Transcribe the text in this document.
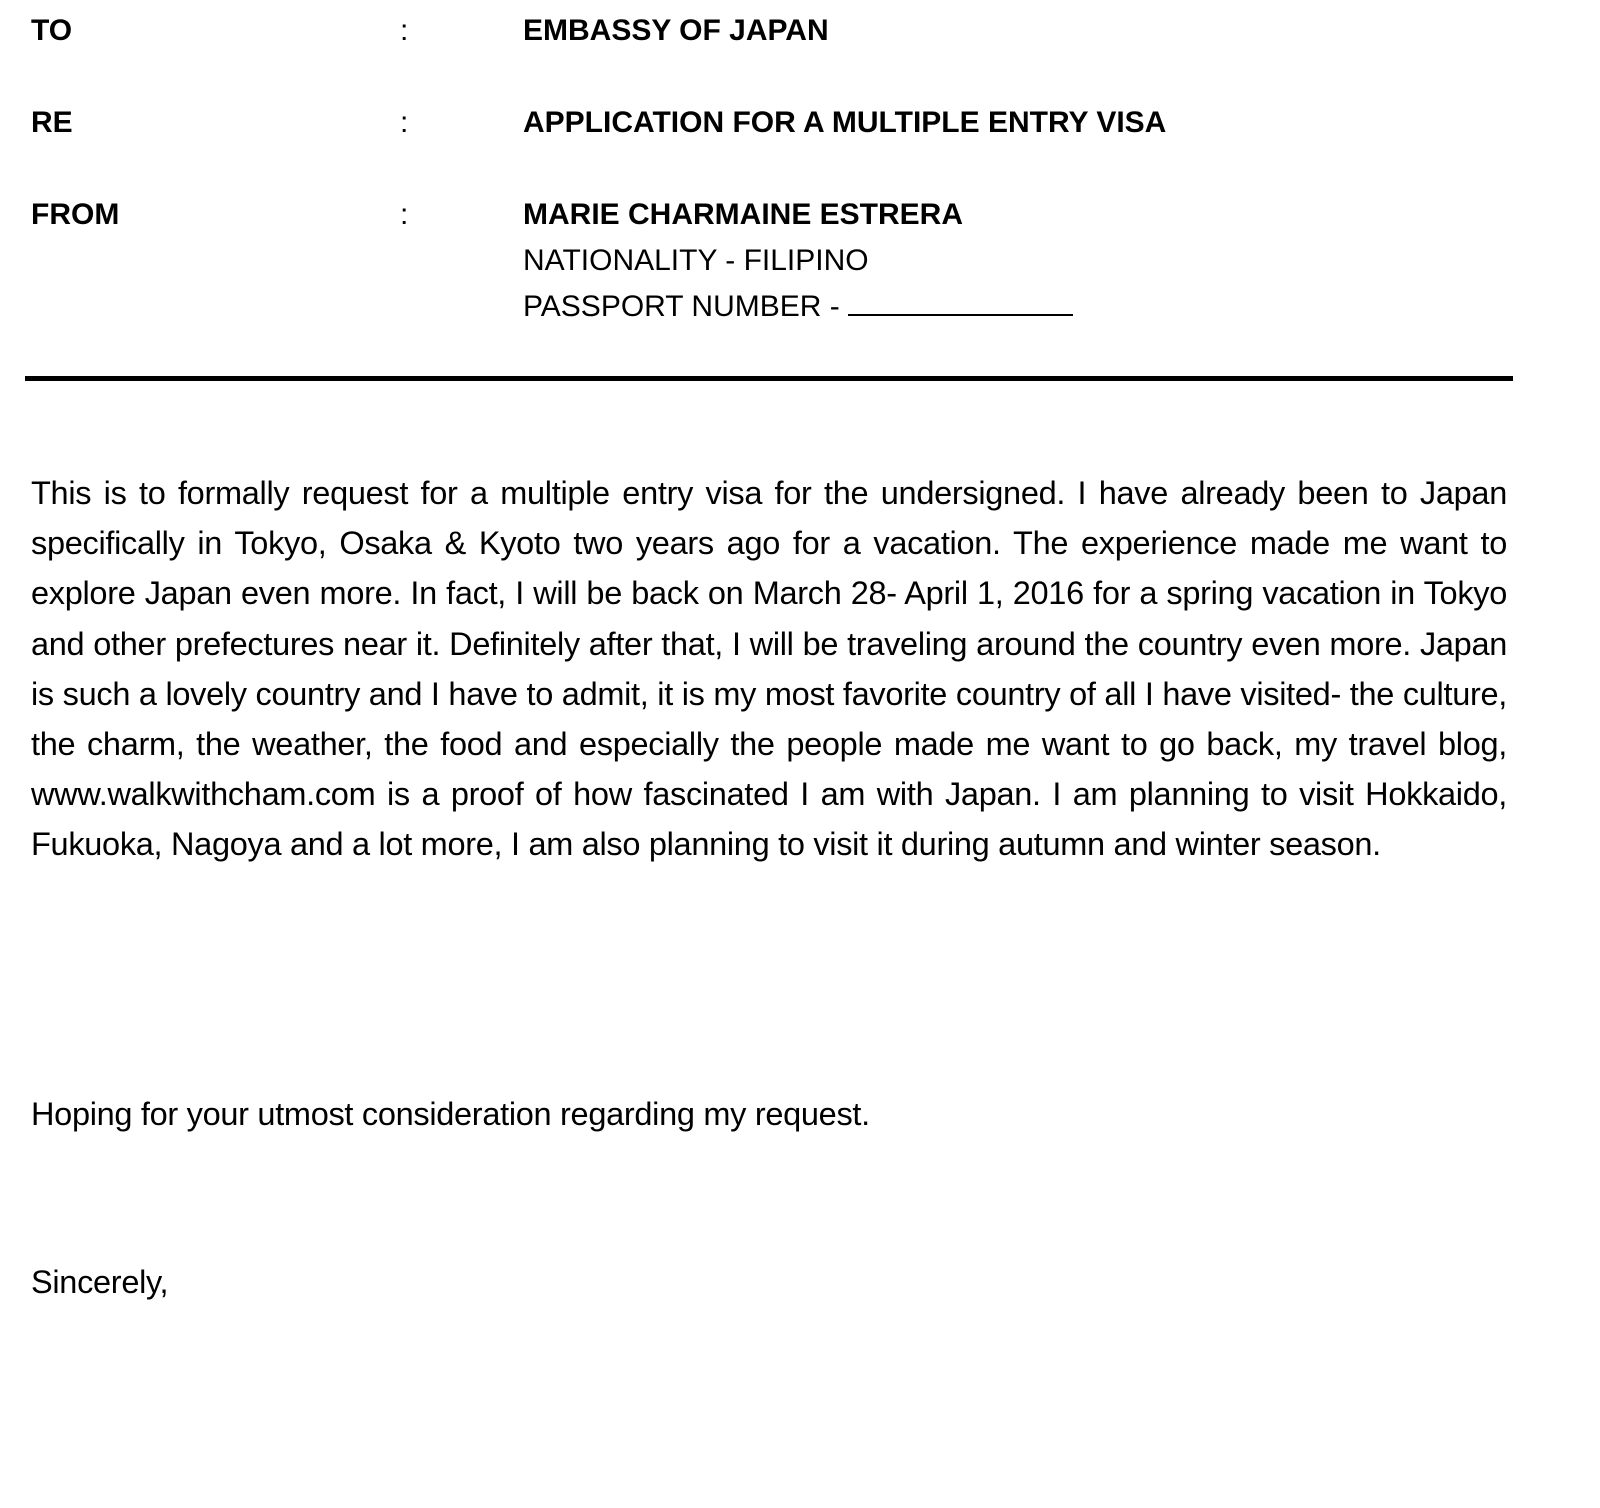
TO	:	EMBASSY OF JAPAN
RE	:	APPLICATION FOR A MULTIPLE ENTRY VISA
FROM	:	MARIE CHARMAINE ESTRERA
NATIONALITY - FILIPINO
PASSPORT NUMBER -

This is to formally request for a multiple entry visa for the undersigned. I have already been to Japan specifically in Tokyo, Osaka & Kyoto two years ago for a vacation. The experience made me want to explore Japan even more. In fact, I will be back on March 28- April 1, 2016 for a spring vacation in Tokyo and other prefectures near it. Definitely after that, I will be traveling around the country even more. Japan is such a lovely country and I have to admit, it is my most favorite country of all I have visited- the culture, the charm, the weather, the food and especially the people made me want to go back, my travel blog, www.walkwithcham.com is a proof of how fascinated I am with Japan. I am planning to visit Hokkaido, Fukuoka, Nagoya and a lot more, I am also planning to visit it during autumn and winter season.

Hoping for your utmost consideration regarding my request.
Sincerely,
